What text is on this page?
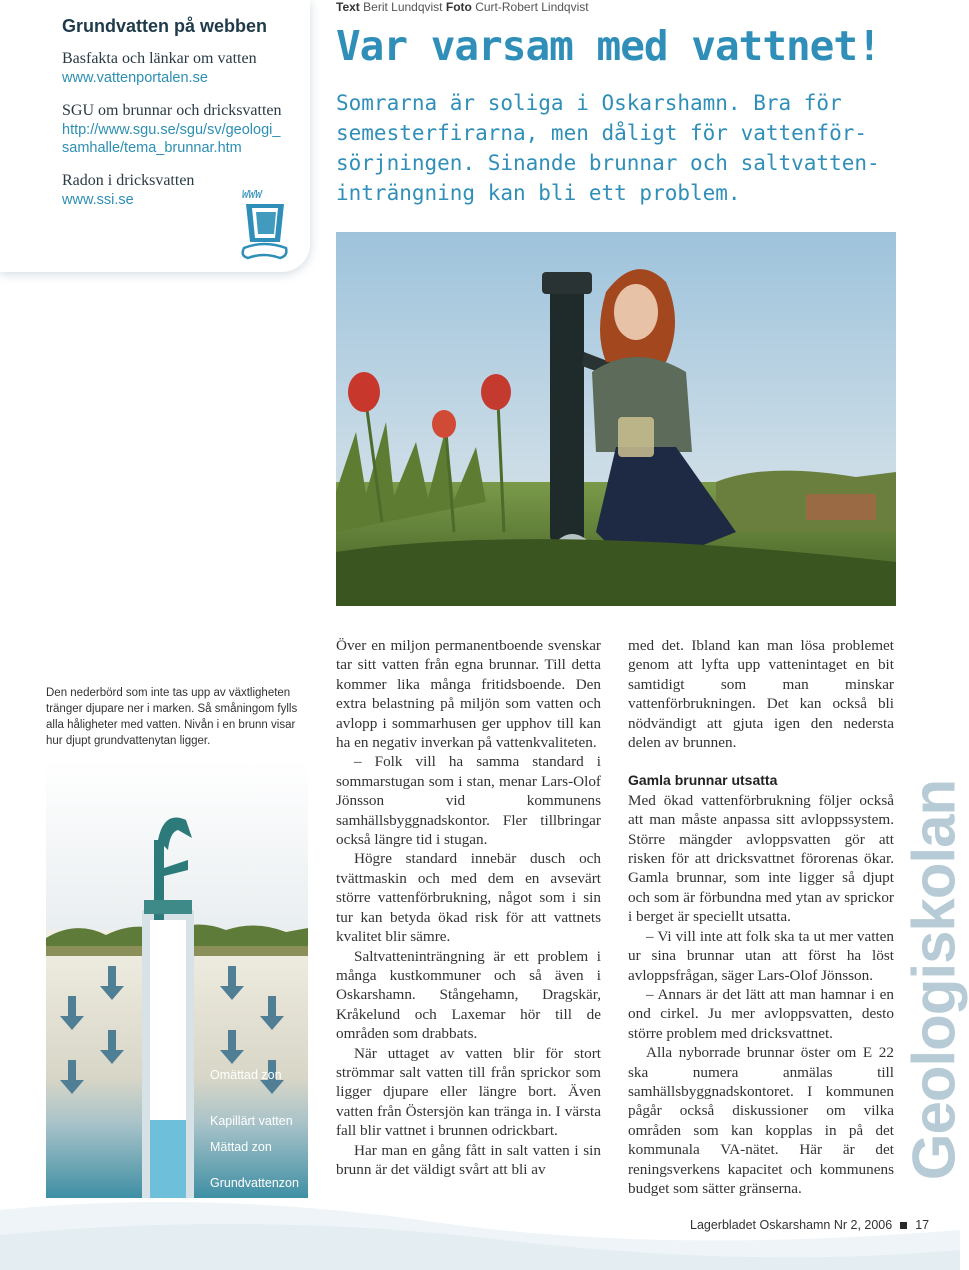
Grundvatten på webben
Basfakta och länkar om vatten
www.vattenportalen.se
SGU om brunnar och dricksvatten
http://www.sgu.se/sgu/sv/geologi_ samhalle/tema_brunnar.htm
Radon i dricksvatten
www.ssi.se	WWW
Text Berit Lundqvist Foto Curt-Robert Lindqvist
Var varsam med vattnet!
Somrarna är soliga i Oskarshamn. Bra för
semesterfirarna, men dåligt för vattenför-
sörjningen. Sinande brunnar och saltvatten-
inträngning kan bli ett problem.
Den nederbörd som inte tas upp av växtligheten tränger djupare ner i marken. Så småningom fylls alla håligheter med vatten. Nivån i en brunn visar hur djupt grundvattenytan ligger.
Omättad zon
Kapillärt vatten
Mättad zon
Grundvattenzon

Över en miljon permanentboende svenskar tar sitt vatten från egna brunnar. Till detta kommer lika många fritidsboende. Den extra belastning på miljön som vatten och avlopp i sommarhusen ger upphov till kan ha en negativ inverkan på vattenkvaliteten.

– Folk vill ha samma standard i sommarstugan som i stan, menar Lars-Olof Jönsson vid kommunens samhällsbyggnadskontor. Fler tillbringar också längre tid i stugan.

Högre standard innebär dusch och tvättmaskin och med dem en avsevärt större vattenförbrukning, något som i sin tur kan betyda ökad risk för att vattnets kvalitet blir sämre.

Saltvatteninträngning är ett problem i många kustkommuner och så även i Oskarshamn. Stångehamn, Dragskär, Kråkelund och Laxemar hör till de områden som drabbats.

När uttaget av vatten blir för stort strömmar salt vatten till från sprickor som ligger djupare eller längre bort. Även vatten från Östersjön kan tränga in. I värsta fall blir vattnet i brunnen odrickbart.

Har man en gång fått in salt vatten i sin brunn är det väldigt svårt att bli av

med det. Ibland kan man lösa problemet genom att lyfta upp vattenintaget en bit samtidigt som man minskar vattenförbrukningen. Det kan också bli nödvändigt att gjuta igen den nedersta delen av brunnen.

Gamla brunnar utsatta

Med ökad vattenförbrukning följer också att man måste anpassa sitt avloppssystem. Större mängder avloppsvatten gör att risken för att dricksvattnet förorenas ökar. Gamla brunnar, som inte ligger så djupt och som är förbundna med ytan av sprickor i berget är speciellt utsatta.

– Vi vill inte att folk ska ta ut mer vatten ur sina brunnar utan att först ha löst avloppsfrågan, säger Lars-Olof Jönsson.

– Annars är det lätt att man hamnar i en ond cirkel. Ju mer avloppsvatten, desto större problem med dricksvattnet.

Alla nyborrade brunnar öster om E 22 ska numera anmälas till samhällsbyggnadskontoret. I kommunen pågår också diskussioner om vilka områden som kan kopplas in på det kommunala VA-nätet. Här är det reningsverkens kapacitet och kommunens budget som sätter gränserna.

Geologiskolan
Lagerbladet Oskarshamn Nr 2, 2006 17
